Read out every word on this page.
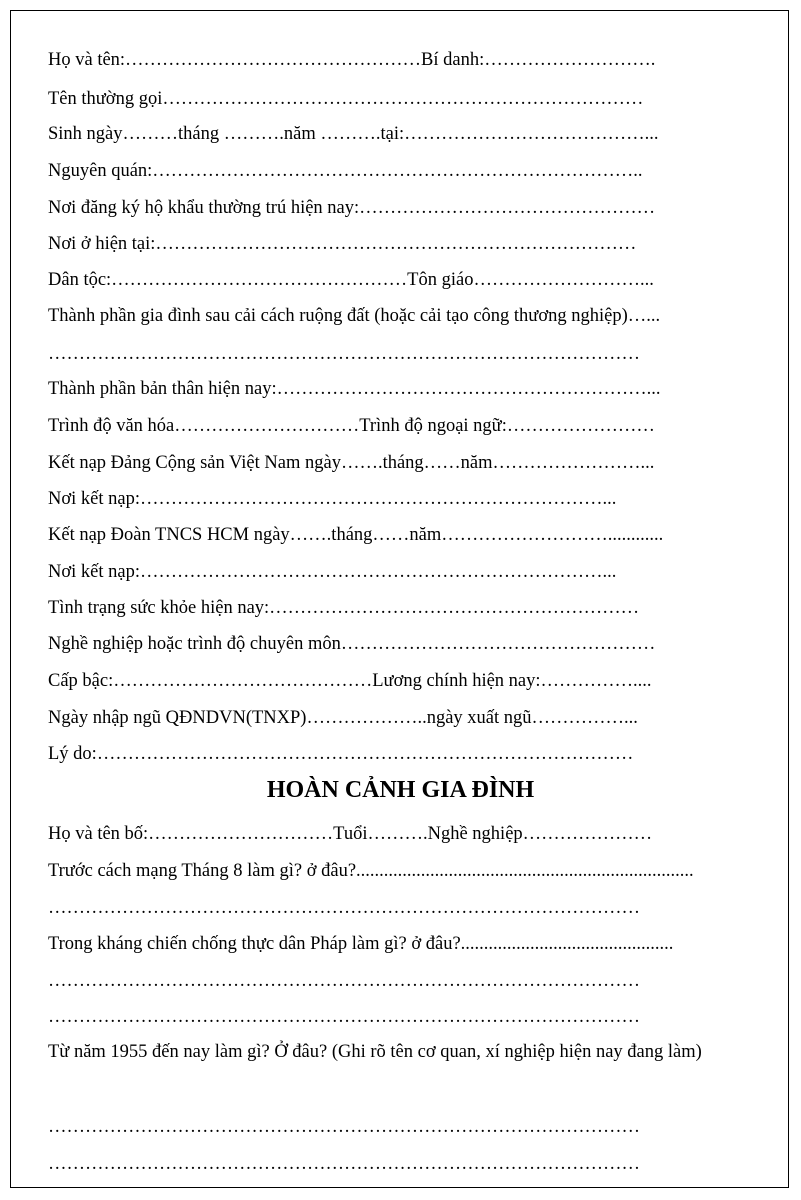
Họ và tên:…………………………………………Bí danh:……………………….
Tên thường gọi……………………………………………………………………
Sinh ngày………tháng ……….năm ……….tại:…………………………………...
Nguyên quán:……………………………………………………………………..
Nơi đăng ký hộ khẩu thường trú hiện nay:…………………………………………
Nơi ở hiện tại:……………………………………………………………………
Dân tộc:…………………………………………Tôn giáo………………………...
Thành phần gia đình sau cải cách ruộng đất (hoặc cải tạo công thương nghiệp)…...
……………………………………………………………………………………
Thành phần bản thân hiện nay:……………………………………………………...
Trình độ văn hóa…………………………Trình độ ngoại ngữ:……………………
Kết nạp Đảng Cộng sản Việt Nam ngày…….tháng……năm……………………...
Nơi kết nạp:…………………………………………………………………...
Kết nạp Đoàn TNCS HCM ngày…….tháng……năm………………………............
Nơi kết nạp:…………………………………………………………………...
Tình trạng sức khỏe hiện nay:……………………………………………………
Nghề nghiệp hoặc trình độ chuyên môn……………………………………………
Cấp bậc:……………………………………Lương chính hiện nay:……………....
Ngày nhập ngũ QĐNDVN(TNXP)………………..ngày xuất ngũ……………...
Lý do:……………………………………………………………………………
HOÀN CẢNH GIA ĐÌNH
Họ và tên bố:…………………………Tuổi……….Nghề nghiệp…………………
Trước cách mạng Tháng 8 làm gì? ở đâu?.........................................................................
……………………………………………………………………………………
Trong kháng chiến chống thực dân Pháp làm gì? ở đâu?..............................................
……………………………………………………………………………………
……………………………………………………………………………………
Từ năm 1955 đến nay làm gì? Ở đâu? (Ghi rõ tên cơ quan, xí nghiệp hiện nay đang làm)
……………………………………………………………………………………
……………………………………………………………………………………
